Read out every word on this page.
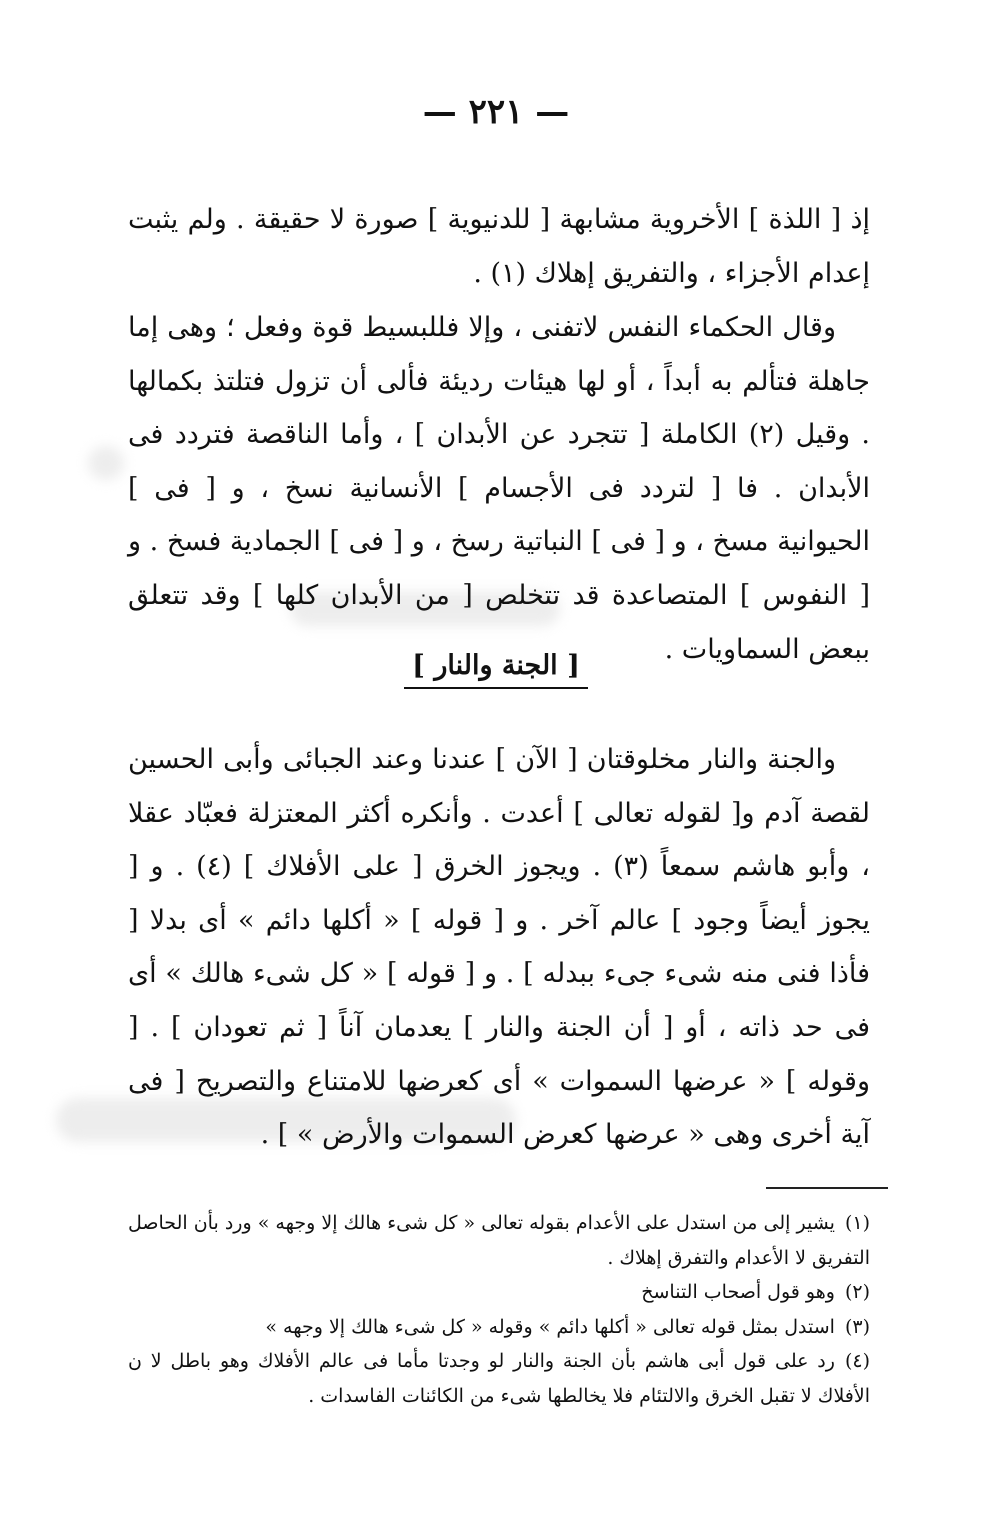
— ٢٢١ —

إذ [ اللذة ] الأخروية مشابهة [ للدنيوية ] صورة لا حقيقة . ولم يثبت إعدام الأجزاء ، والتفريق إهلاك (١) .

وقال الحكماء النفس لاتفنى ، وإلا فللبسيط قوة وفعل ؛ وهى إما جاهلة فتألم به أبداً ، أو لها هيئات رديئة فألى أن تزول فتلتذ بكمالها . وقيل (٢) الكاملة [ تتجرد عن الأبدان ] ، وأما الناقصة فتردد فى الأبدان . فا [ لتردد فى الأجسام ] الأنسانية نسخ ، و [ فى ] الحيوانية مسخ ، و [ فى ] النباتية رسخ ، و [ فى ] الجمادية فسخ . و [ النفوس ] المتصاعدة قد تتخلص [ من الأبدان كلها ] وقد تتعلق ببعض السماويات .

[ الجنة والنار ]

والجنة والنار مخلوقتان [ الآن ] عندنا وعند الجبائى وأبى الحسين لقصة آدم و[ لقوله تعالى ] أعدت . وأنكره أكثر المعتزلة فعبّاد عقلا ، وأبو هاشم سمعاً (٣) . ويجوز الخرق [ على الأفلاك ] (٤) . و [ يجوز أيضاً وجود ] عالم آخر . و [ قوله ] « أكلها دائم » أى بدلا [ فأذا فنى منه شىء جىء ببدله ] . و [ قوله ] « كل شىء هالك » أى فى حد ذاته ، أو [ أن الجنة والنار ] يعدمان آناً [ ثم تعودان ] . [ وقوله ] « عرضها السموات » أى كعرضها للامتناع والتصريح [ فى آية أخرى وهى « عرضها كعرض السموات والأرض » ] .

(١)يشير إلى من استدل على الأعدام بقوله تعالى « كل شىء هالك إلا وجهه » ورد بأن الحاصل التفريق لا الأعدام والتفرق إهلاك .

(٢)وهو قول أصحاب التناسخ

(٣)استدل بمثل قوله تعالى « أكلها دائم » وقوله « كل شىء هالك إلا وجهه »

(٤)رد على قول أبى هاشم بأن الجنة والنار لو وجدتا مأما فى عالم الأفلاك وهو باطل لا ن الأفلاك لا تقبل الخرق والالتئام فلا يخالطها شىء من الكائنات الفاسدات .
